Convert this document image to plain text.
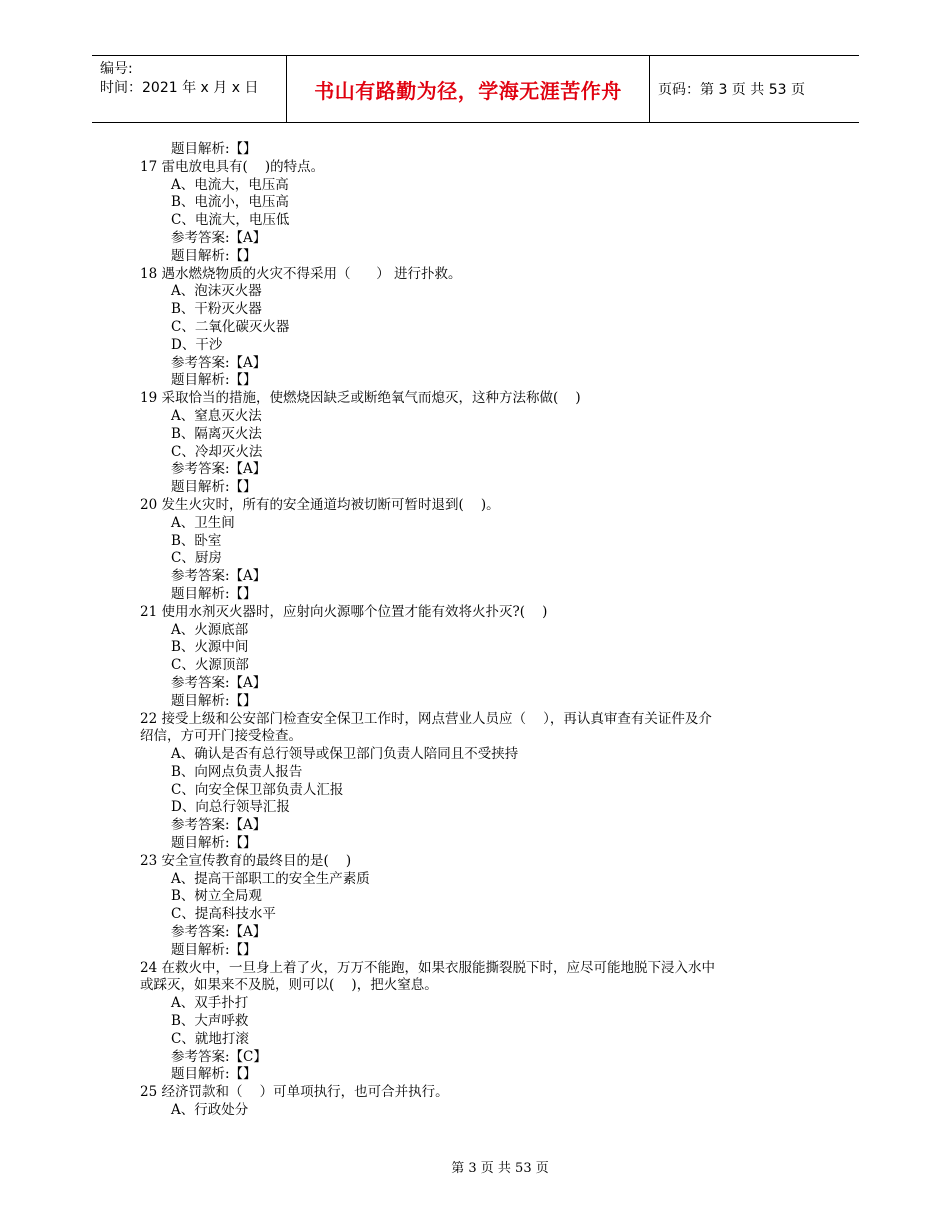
编号:
时间：2021 年 x 月 x 日	书山有路勤为径，学海无涯苦作舟	页码：第 3 页 共 53 页
题目解析:【】
17 雷电放电具有(    )的特点。
A、电流大，电压高
B、电流小，电压高
C、电流大，电压低
参考答案:【A】
题目解析:【】
18 遇水燃烧物质的火灾不得采用（      ） 进行扑救。
A、泡沫灭火器
B、干粉灭火器
C、二氧化碳灭火器
D、干沙
参考答案:【A】
题目解析:【】
19 采取恰当的措施，使燃烧因缺乏或断绝氧气而熄灭，这种方法称做(    )
A、窒息灭火法
B、隔离灭火法
C、冷却灭火法
参考答案:【A】
题目解析:【】
20 发生火灾时，所有的安全通道均被切断可暂时退到(    )。
A、卫生间
B、卧室
C、厨房
参考答案:【A】
题目解析:【】
21 使用水剂灭火器时，应射向火源哪个位置才能有效将火扑灭?(    )
A、火源底部
B、火源中间
C、火源顶部
参考答案:【A】
题目解析:【】
22 接受上级和公安部门检查安全保卫工作时，网点营业人员应（    ），再认真审查有关证件及介
绍信，方可开门接受检查。
A、确认是否有总行领导或保卫部门负责人陪同且不受挟持
B、向网点负责人报告
C、向安全保卫部负责人汇报
D、向总行领导汇报
参考答案:【A】
题目解析:【】
23 安全宣传教育的最终目的是(    )
A、提高干部职工的安全生产素质
B、树立全局观
C、提高科技水平
参考答案:【A】
题目解析:【】
24 在救火中，一旦身上着了火，万万不能跑，如果衣服能撕裂脱下时，应尽可能地脱下浸入水中
或踩灭，如果来不及脱，则可以(    )，把火窒息。
A、双手扑打
B、大声呼救
C、就地打滚
参考答案:【C】
题目解析:【】
25 经济罚款和（    ）可单项执行，也可合并执行。
A、行政处分
第 3 页 共 53 页
